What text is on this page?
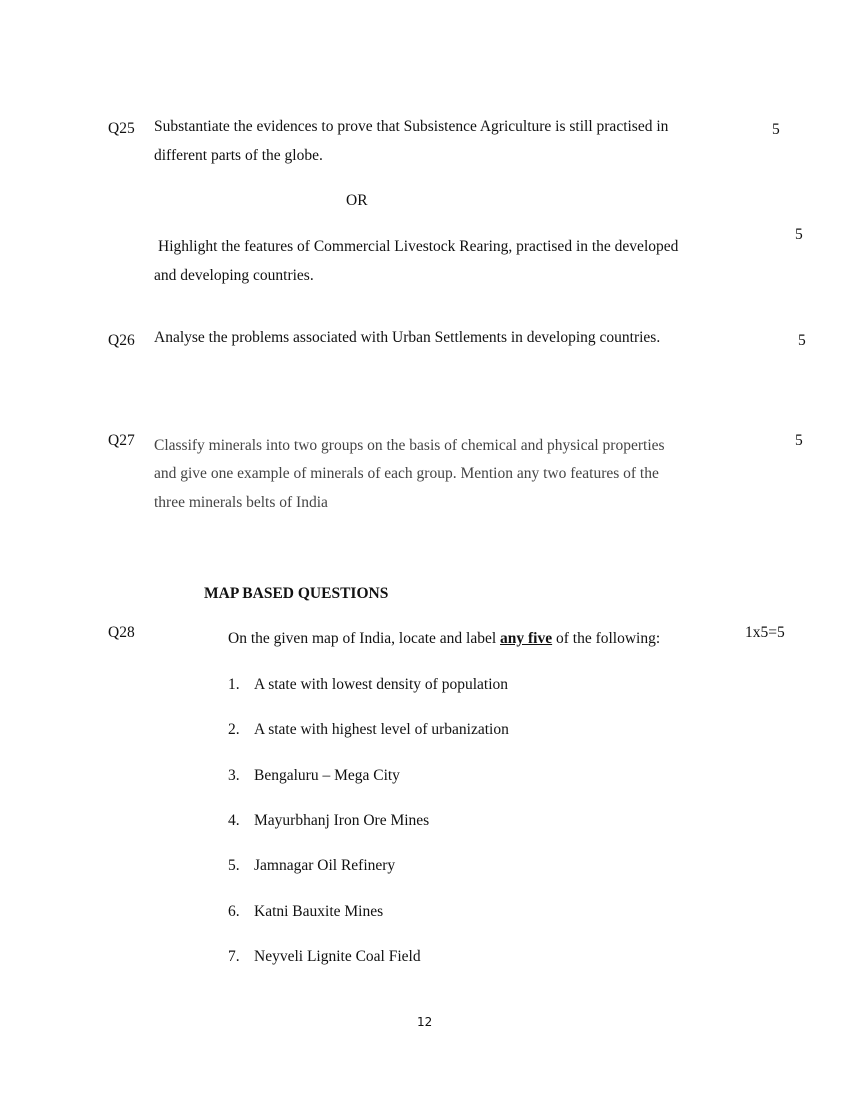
Q25 Substantiate the evidences to prove that Subsistence Agriculture is still practised in
different parts of the globe.
5
OR
Highlight the features of Commercial Livestock Rearing, practised in the developed
and developing countries.
5
Q26 Analyse the problems associated with Urban Settlements in developing countries.	5
Q27 Classify minerals into two groups on the basis of chemical and physical properties
and give one example of minerals of each group. Mention any two features of the
three minerals belts of India
5
MAP BASED QUESTIONS
Q28	On the given map of India, locate and label any five of the following:	1x5=5
1. A state with lowest density of population
2. A state with highest level of urbanization
3. Bengaluru – Mega City
4. Mayurbhanj Iron Ore Mines
5. Jamnagar Oil Refinery
6. Katni Bauxite Mines
7. Neyveli Lignite Coal Field
12
